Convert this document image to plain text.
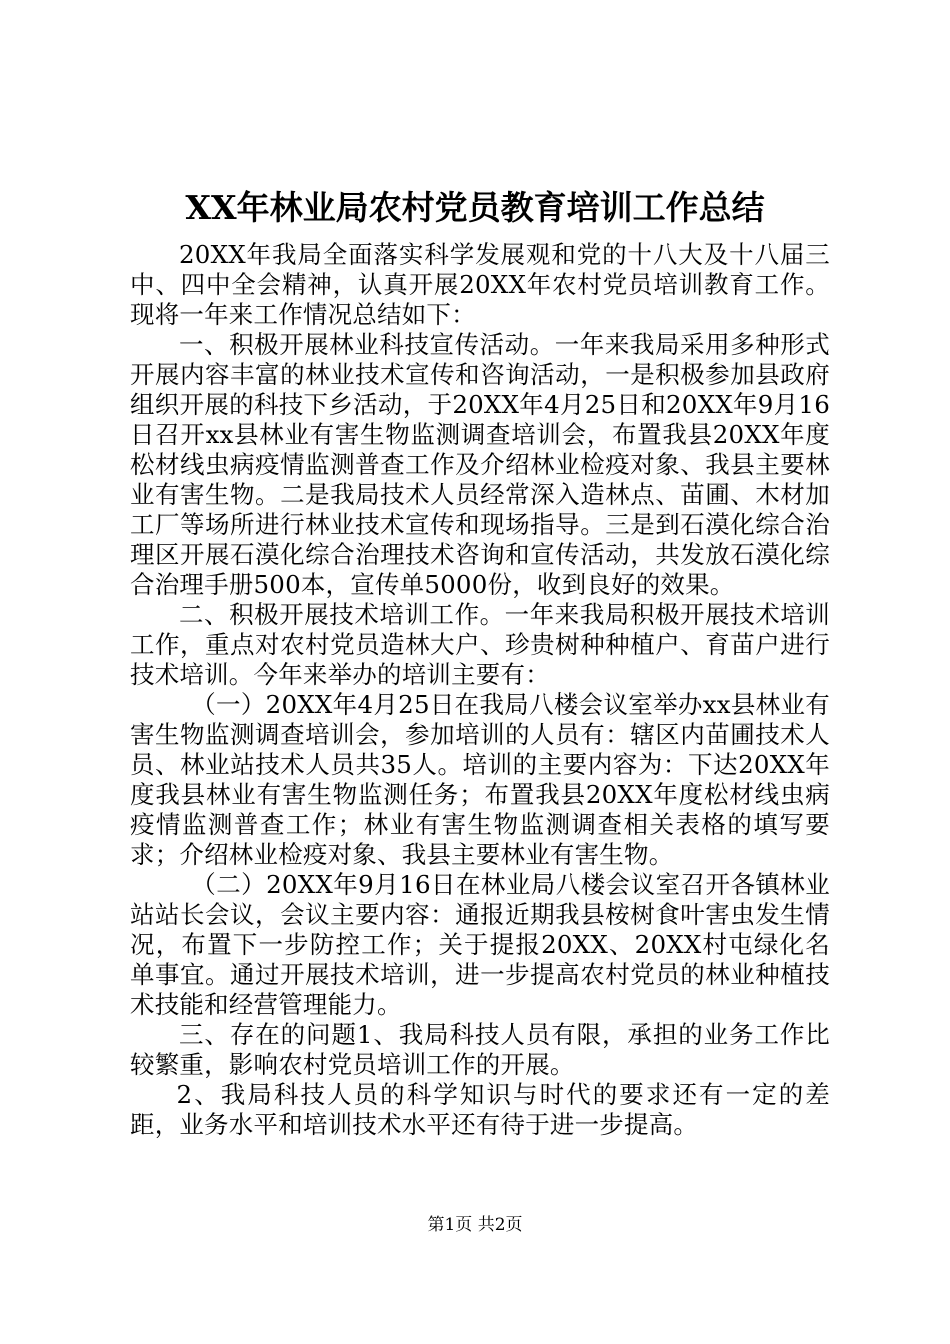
XX年林业局农村党员教育培训工作总结

20XX年我局全面落实科学发展观和党的十八大及十八届三中、四中全会精神，认真开展20XX年农村党员培训教育工作。现将一年来工作情况总结如下：

一、积极开展林业科技宣传活动。一年来我局采用多种形式开展内容丰富的林业技术宣传和咨询活动，一是积极参加县政府组织开展的科技下乡活动，于20XX年4月25日和20XX年9月16日召开xx县林业有害生物监测调查培训会，布置我县20XX年度松材线虫病疫情监测普查工作及介绍林业检疫对象、我县主要林业有害生物。二是我局技术人员经常深入造林点、苗圃、木材加工厂等场所进行林业技术宣传和现场指导。三是到石漠化综合治理区开展石漠化综合治理技术咨询和宣传活动，共发放石漠化综合治理手册500本，宣传单5000份，收到良好的效果。

二、积极开展技术培训工作。一年来我局积极开展技术培训工作，重点对农村党员造林大户、珍贵树种种植户、育苗户进行技术培训。今年来举办的培训主要有：

（一）20XX年4月25日在我局八楼会议室举办xx县林业有害生物监测调查培训会，参加培训的人员有：辖区内苗圃技术人员、林业站技术人员共35人。培训的主要内容为：下达20XX年度我县林业有害生物监测任务；布置我县20XX年度松材线虫病疫情监测普查工作；林业有害生物监测调查相关表格的填写要求；介绍林业检疫对象、我县主要林业有害生物。

（二）20XX年9月16日在林业局八楼会议室召开各镇林业站站长会议，会议主要内容：通报近期我县桉树食叶害虫发生情况，布置下一步防控工作；关于提报20XX、20XX村屯绿化名单事宜。通过开展技术培训，进一步提高农村党员的林业种植技术技能和经营管理能力。

三、存在的问题1、我局科技人员有限，承担的业务工作比较繁重，影响农村党员培训工作的开展。

2、我局科技人员的科学知识与时代的要求还有一定的差距，业务水平和培训技术水平还有待于进一步提高。

第1页 共2页
